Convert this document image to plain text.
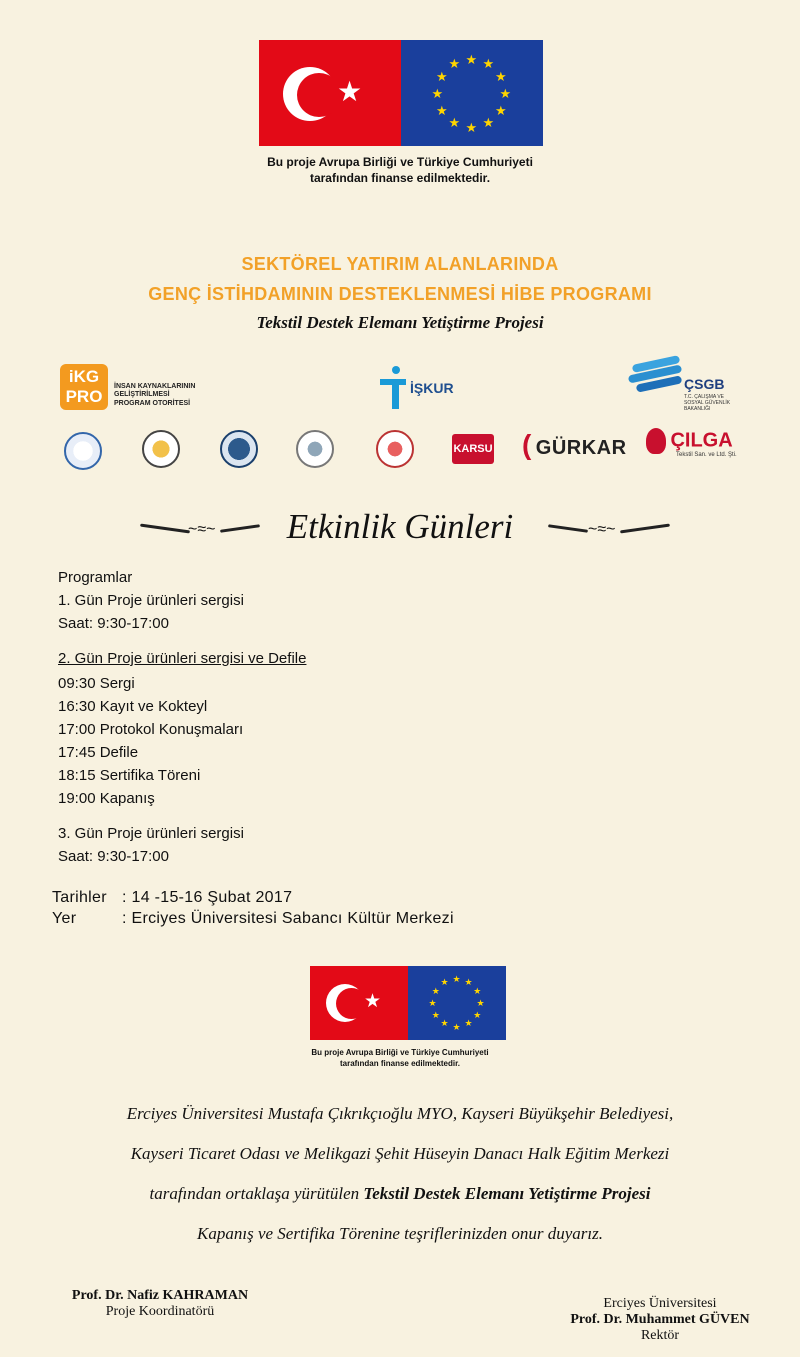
★
★ ★
★
★
★
★
★
★
★
★
★
★
Bu proje Avrupa Birliği ve Türkiye Cumhuriyeti
tarafından finanse edilmektedir.
SEKTÖREL YATIRIM ALANLARINDA
GENÇ İSTİHDAMININ DESTEKLENMESİ HİBE PROGRAMI
Tekstil Destek Elemanı Yetiştirme Projesi
iKG
PRO
İNSAN KAYNAKLARININ
GELİŞTİRİLMESİ
PROGRAM OTORİTESİ
İŞKUR	ÇSGB
T.C. ÇALIŞMA VE
SOSYAL GÜVENLİK
BAKANLIĞI
KARSU ( GÜRKAR	ÇILGA
Tekstil San. ve Ltd. Şti.
~≈~	Etkinlik Günleri	~≈~
Programlar
1. Gün Proje ürünleri sergisi
Saat: 9:30-17:00
2. Gün Proje ürünleri sergisi ve Defile
09:30 Sergi
16:30 Kayıt ve Kokteyl
17:00 Protokol Konuşmaları
17:45 Defile
18:15 Sertifika Töreni
19:00 Kapanış
3. Gün Proje ürünleri sergisi
Saat: 9:30-17:00
Tarihler : 14 -15-16 Şubat 2017
Yer	: Erciyes Üniversitesi Sabancı Kültür Merkezi
★
★ ★
★
★
★
★
★
★
★
★
★
★
Bu proje Avrupa Birliği ve Türkiye Cumhuriyeti
tarafından finanse edilmektedir.
Erciyes Üniversitesi Mustafa Çıkrıkçıoğlu MYO, Kayseri Büyükşehir Belediyesi,
Kayseri Ticaret Odası ve Melikgazi Şehit Hüseyin Danacı Halk Eğitim Merkezi
tarafından ortaklaşa yürütülen Tekstil Destek Elemanı Yetiştirme Projesi
Kapanış ve Sertifika Törenine teşriflerinizden onur duyarız.
Prof. Dr. Nafiz KAHRAMAN
Proje Koordinatörü
Erciyes Üniversitesi
Prof. Dr. Muhammet GÜVEN
Rektör
